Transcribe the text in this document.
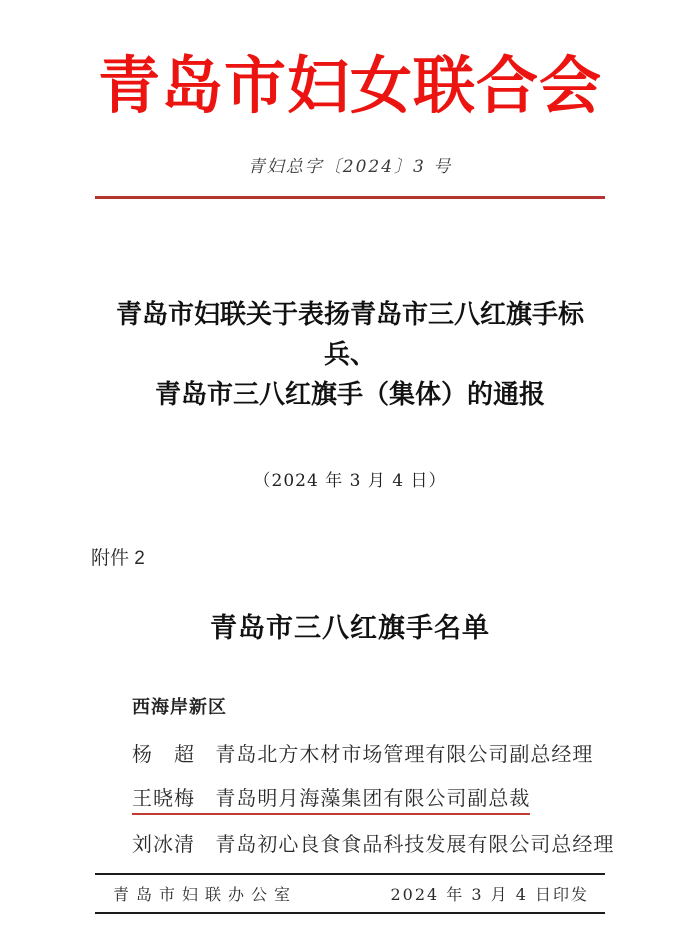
青岛市妇女联合会
青妇总字〔2024〕3 号
青岛市妇联关于表扬青岛市三八红旗手标兵、
青岛市三八红旗手（集体）的通报
（2024 年 3 月 4 日）
附件 2
青岛市三八红旗手名单
西海岸新区
杨　超 青岛北方木材市场管理有限公司副总经理
王晓梅 青岛明月海藻集团有限公司副总裁
刘冰清 青岛初心良食食品科技发展有限公司总经理
青岛市妇联办公室	2024 年 3 月 4 日印发
